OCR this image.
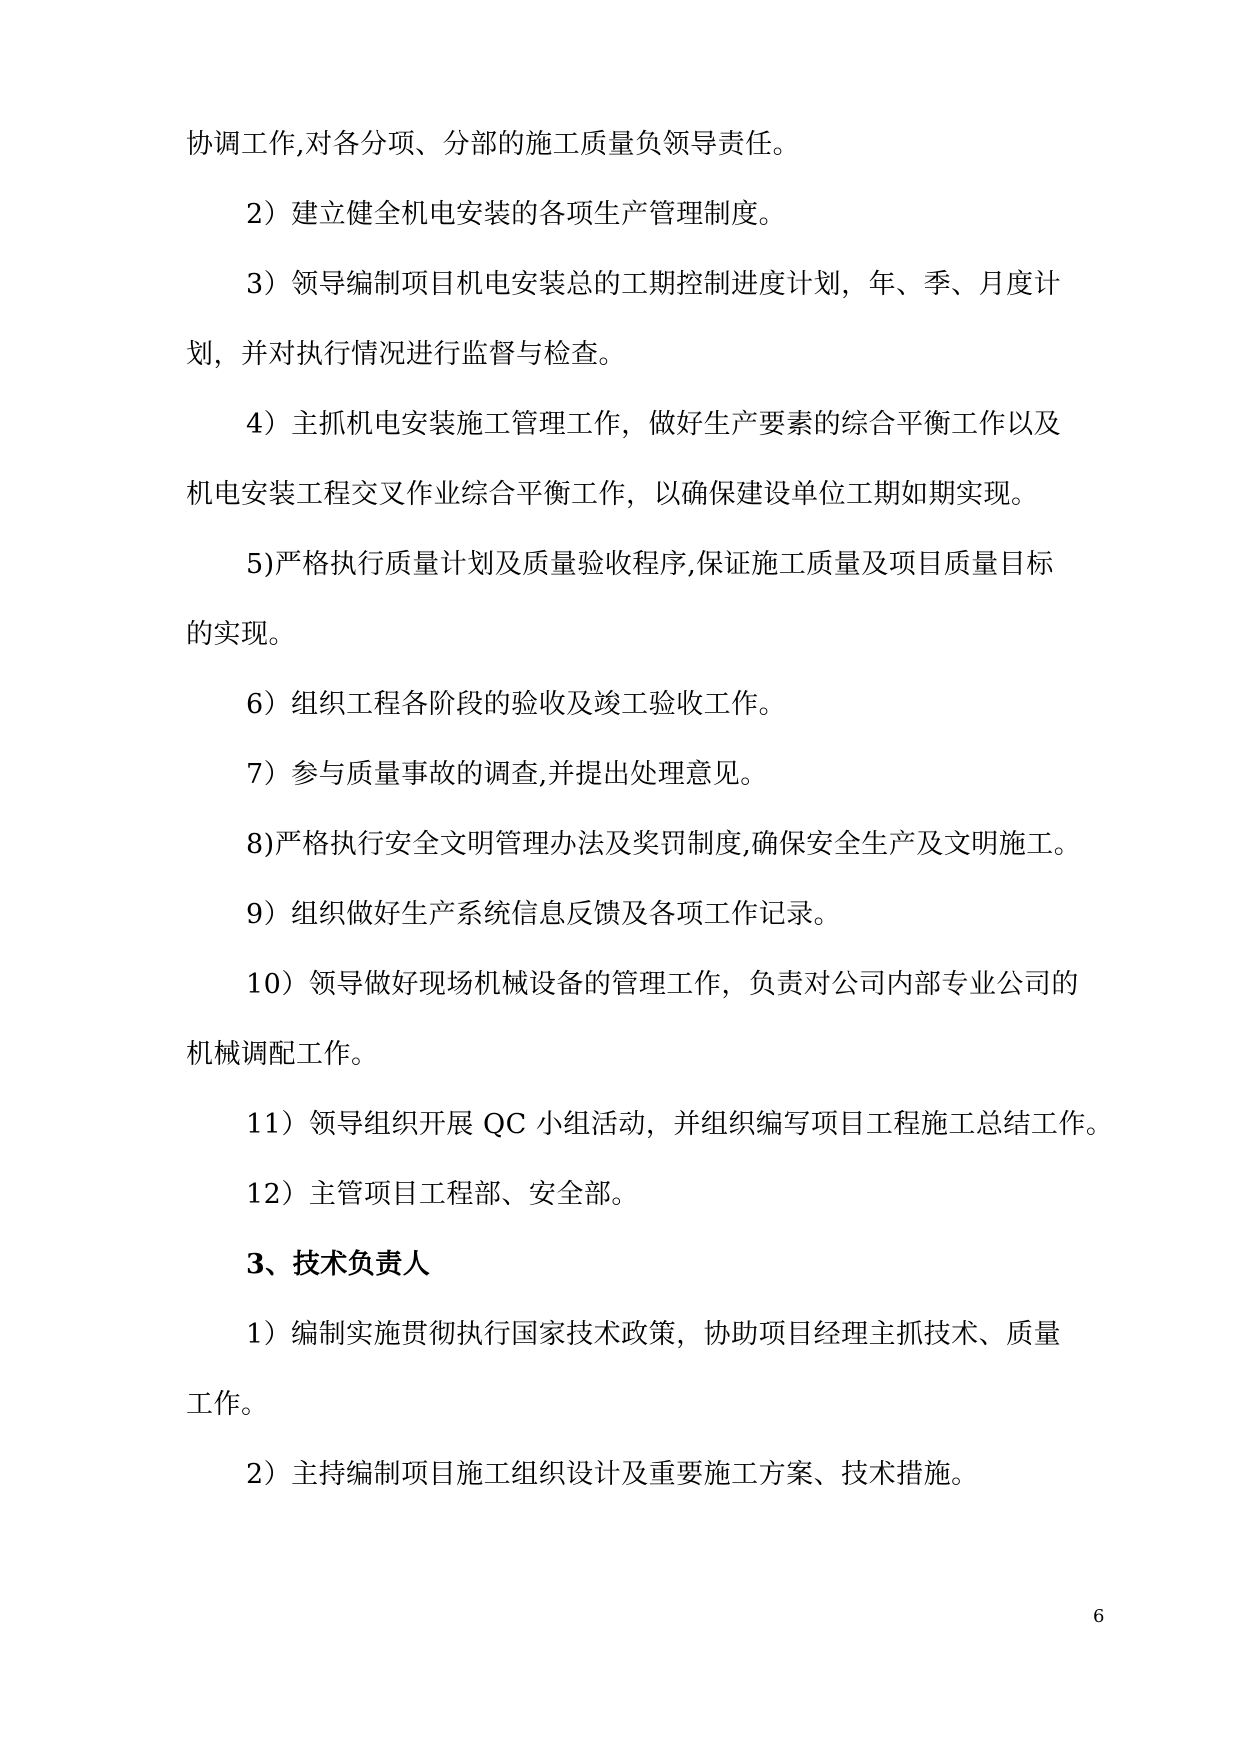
协调工作,对各分项、分部的施工质量负领导责任。
2）建立健全机电安装的各项生产管理制度。
3）领导编制项目机电安装总的工期控制进度计划，年、季、月度计
划，并对执行情况进行监督与检查。
4）主抓机电安装施工管理工作，做好生产要素的综合平衡工作以及
机电安装工程交叉作业综合平衡工作，以确保建设单位工期如期实现。
5)严格执行质量计划及质量验收程序,保证施工质量及项目质量目标
的实现。
6）组织工程各阶段的验收及竣工验收工作。
7）参与质量事故的调查,并提出处理意见。
8)严格执行安全文明管理办法及奖罚制度,确保安全生产及文明施工。
9）组织做好生产系统信息反馈及各项工作记录。
10）领导做好现场机械设备的管理工作，负责对公司内部专业公司的
机械调配工作。
11）领导组织开展 QC 小组活动，并组织编写项目工程施工总结工作。
12）主管项目工程部、安全部。
3、技术负责人
1）编制实施贯彻执行国家技术政策，协助项目经理主抓技术、质量
工作。
2）主持编制项目施工组织设计及重要施工方案、技术措施。
6
